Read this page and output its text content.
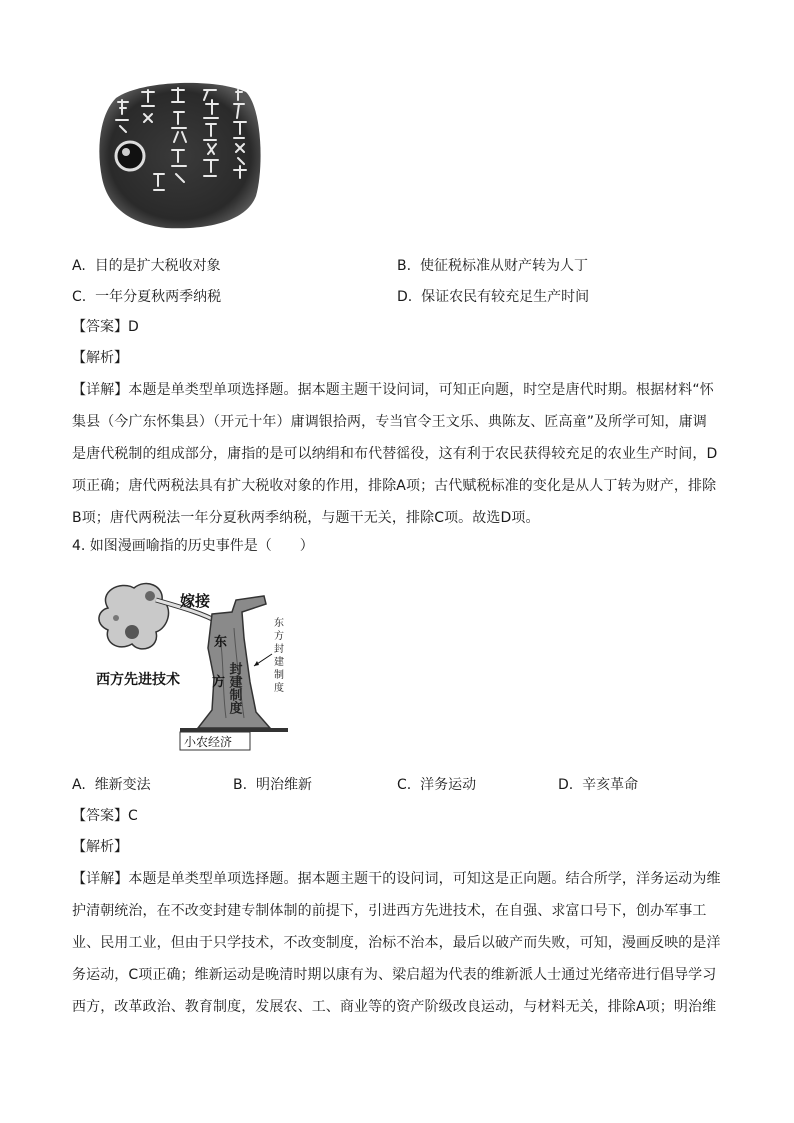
A. 目的是扩大税收对象	B. 使征税标准从财产转为人丁
C. 一年分夏秋两季纳税	D. 保证农民有较充足生产时间
【答案】D
【解析】
【详解】本题是单类型单项选择题。据本题主题干设问词，可知正向题，时空是唐代时期。根据材料“怀
集县（今广东怀集县）（开元十年）庸调银拾两，专当官令王文乐、典陈友、匠高童”及所学可知，庸调
是唐代税制的组成部分，庸指的是可以纳绢和布代替徭役，这有利于农民获得较充足的农业生产时间，D
项正确；唐代两税法具有扩大税收对象的作用，排除A项；古代赋税标准的变化是从人丁转为财产，排除
B项；唐代两税法一年分夏秋两季纳税，与题干无关，排除C项。故选D项。
4. 如图漫画喻指的历史事件是（　　）
嫁接
东
方 封建制度
西方先进技术
小农经济
东
方
封
建
制
度
A. 维新变法	B. 明治维新	C. 洋务运动	D. 辛亥革命
【答案】C
【解析】
【详解】本题是单类型单项选择题。据本题主题干的设问词，可知这是正向题。结合所学，洋务运动为维
护清朝统治，在不改变封建专制体制的前提下，引进西方先进技术，在自强、求富口号下，创办军事工
业、民用工业，但由于只学技术，不改变制度，治标不治本，最后以破产而失败，可知，漫画反映的是洋
务运动，C项正确；维新运动是晚清时期以康有为、梁启超为代表的维新派人士通过光绪帝进行倡导学习
西方，改革政治、教育制度，发展农、工、商业等的资产阶级改良运动，与材料无关，排除A项；明治维
